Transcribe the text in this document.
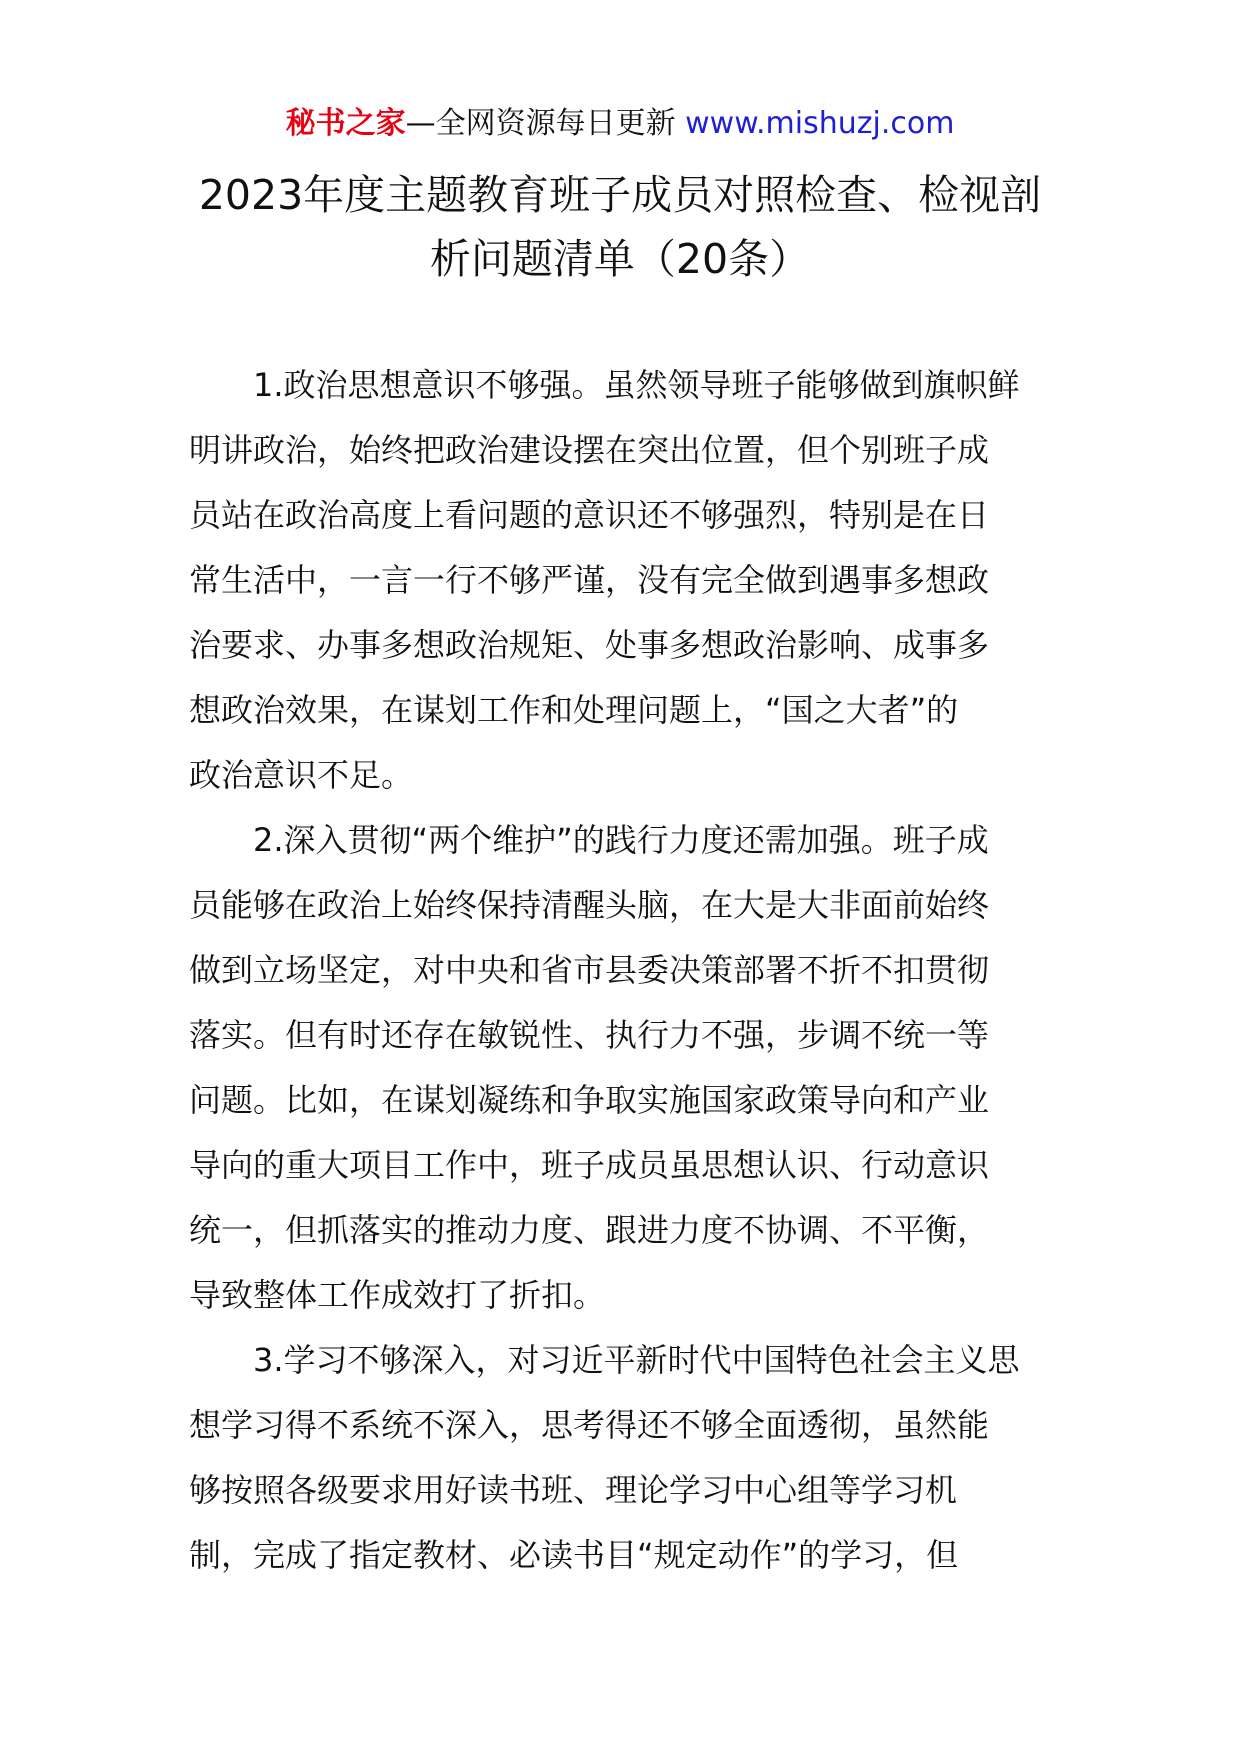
秘书之家—全网资源每日更新 www.mishuzj.com
2023年度主题教育班子成员对照检查、检视剖
析问题清单（20条）
1.政治思想意识不够强。虽然领导班子能够做到旗帜鲜
明讲政治，始终把政治建设摆在突出位置，但个别班子成
员站在政治高度上看问题的意识还不够强烈，特别是在日
常生活中，一言一行不够严谨，没有完全做到遇事多想政
治要求、办事多想政治规矩、处事多想政治影响、成事多
想政治效果，在谋划工作和处理问题上，“国之大者”的
政治意识不足。
2.深入贯彻“两个维护”的践行力度还需加强。班子成
员能够在政治上始终保持清醒头脑，在大是大非面前始终
做到立场坚定，对中央和省市县委决策部署不折不扣贯彻
落实。但有时还存在敏锐性、执行力不强，步调不统一等
问题。比如，在谋划凝练和争取实施国家政策导向和产业
导向的重大项目工作中，班子成员虽思想认识、行动意识
统一，但抓落实的推动力度、跟进力度不协调、不平衡，
导致整体工作成效打了折扣。
3.学习不够深入，对习近平新时代中国特色社会主义思
想学习得不系统不深入，思考得还不够全面透彻，虽然能
够按照各级要求用好读书班、理论学习中心组等学习机
制，完成了指定教材、必读书目“规定动作”的学习，但
